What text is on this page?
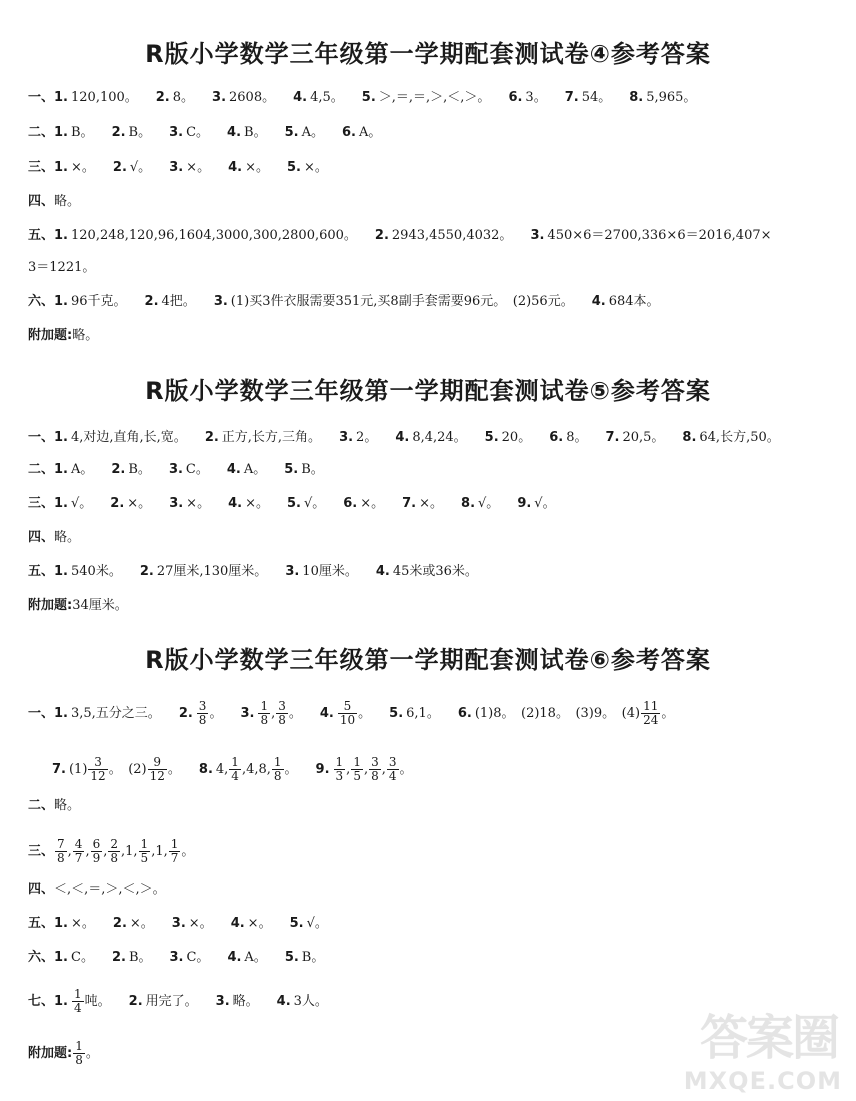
R版小学数学三年级第一学期配套测试卷④参考答案
一、1. 120,100。 2. 8。 3. 2608。 4. 4,5。 5. ＞,＝,＝,＞,＜,＞。 6. 3。 7. 54。 8. 5,965。
二、1. B。 2. B。 3. C。 4. B。 5. A。 6. A。
三、1. ×。 2. √。 3. ×。 4. ×。 5. ×。
四、略。
五、1. 120,248,120,96,1604,3000,300,2800,600。 2. 2943,4550,4032。 3. 450×6＝2700,336×6＝2016,407×
3＝1221。
六、1. 96千克。 2. 4把。 3. (1)买3件衣服需要351元,买8副手套需要96元。　(2)56元。 4. 684本。
附加题:略。
R版小学数学三年级第一学期配套测试卷⑤参考答案
一、1. 4,对边,直角,长,宽。 2. 正方,长方,三角。 3. 2。 4. 8,4,24。 5. 20。 6. 8。 7. 20,5。 8. 64,长方,50。
二、1. A。 2. B。 3. C。 4. A。 5. B。
三、1. √。 2. ×。 3. ×。 4. ×。 5. √。 6. ×。 7. ×。 8. √。 9. √。
四、略。
五、1. 540米。 2. 27厘米,130厘米。 3. 10厘米。 4. 45米或36米。
附加题:34厘米。
R版小学数学三年级第一学期配套测试卷⑥参考答案
一、1. 3,5,五分之三。 2. $\frac{3}{8}$ 。 3. $\frac{1}{8}$ , $\frac{3}{8}$ 。 4. $\frac{5}{10}$ 。 5. 6,1。 6. (1)8。　(2)18。　(3)9。　$(4) \frac{11}{24}$ 。
7. $(1) \frac{3}{12}$ 。　$(2) \frac{9}{12}$ 。 8. 4, $\frac{1}{4} ,4,8$, $\frac{1}{8}$ 。 9. $\frac{1}{3}$ , $\frac{1}{5}$ , $\frac{3}{8}$ , $\frac{3}{4}$ 。
二、略。
三、 $\frac{7}{8}$ , $\frac{4}{7}$ , $\frac{6}{9}$ , $\frac{2}{8} ,1$, $\frac{1}{5} ,1$, $\frac{1}{7}$ 。
四、＜,＜,＝,＞,＜,＞。
五、1. ×。 2. ×。 3. ×。 4. ×。 5. √。
六、1. C。 2. B。 3. C。 4. A。 5. B。
七、1. $\frac{1}{4}$ 吨。 2. 用完了。 3. 略。 4. 3人。
附加题: $\frac{1}{8}$ 。	答案圈
MXQE.COM
